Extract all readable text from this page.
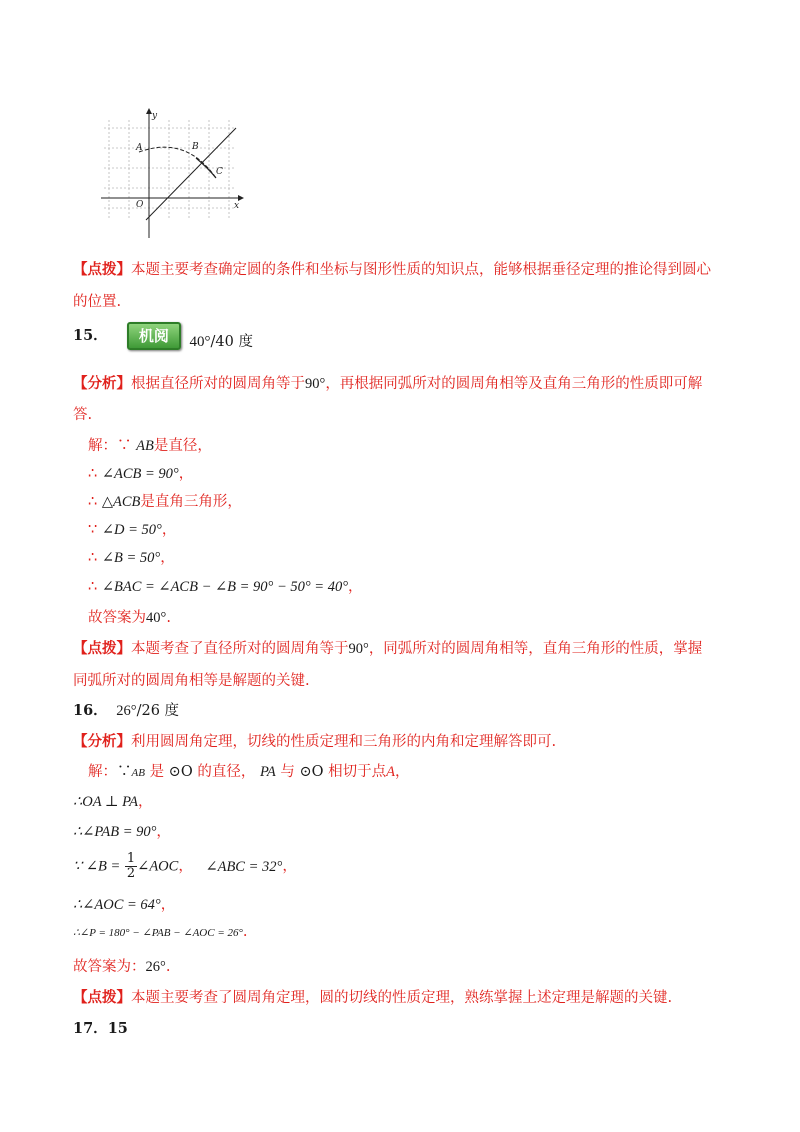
y
x
O
A	B
C
【点拨】本题主要考查确定圆的条件和坐标与图形性质的知识点，能够根据垂径定理的推论得到圆心
的位置.
15． 机阅 40°/40 度
【分析】根据直径所对的圆周角等于90°，再根据同弧所对的圆周角相等及直角三角形的性质即可解
答.
解：∵ AB是直径，
∴ ∠ACB = 90°，
∴ △ACB是直角三角形，
∵ ∠D = 50°，
∴ ∠B = 50°，
∴ ∠BAC = ∠ACB − ∠B = 90° − 50° = 40°，
故答案为40°.
【点拨】本题考查了直径所对的圆周角等于90°，同弧所对的圆周角相等，直角三角形的性质，掌握
同弧所对的圆周角相等是解题的关键.
16． 26°/26 度
【分析】利用圆周角定理，切线的性质定理和三角形的内角和定理解答即可.
解：∵AB 是 ⊙O 的直径， PA 与 ⊙O 相切于点A，
∴OA ⊥ PA，
∴∠PAB = 90°，
∵ ∠B = $\frac{1}{2}$ ∠AOC， ∠ABC = 32°，
∴∠AOC = 64°，
∴∠P = 180° − ∠PAB − ∠AOC = 26°.
故答案为：26°.
【点拨】本题主要考查了圆周角定理，圆的切线的性质定理，熟练掌握上述定理是解题的关键.
17．15
